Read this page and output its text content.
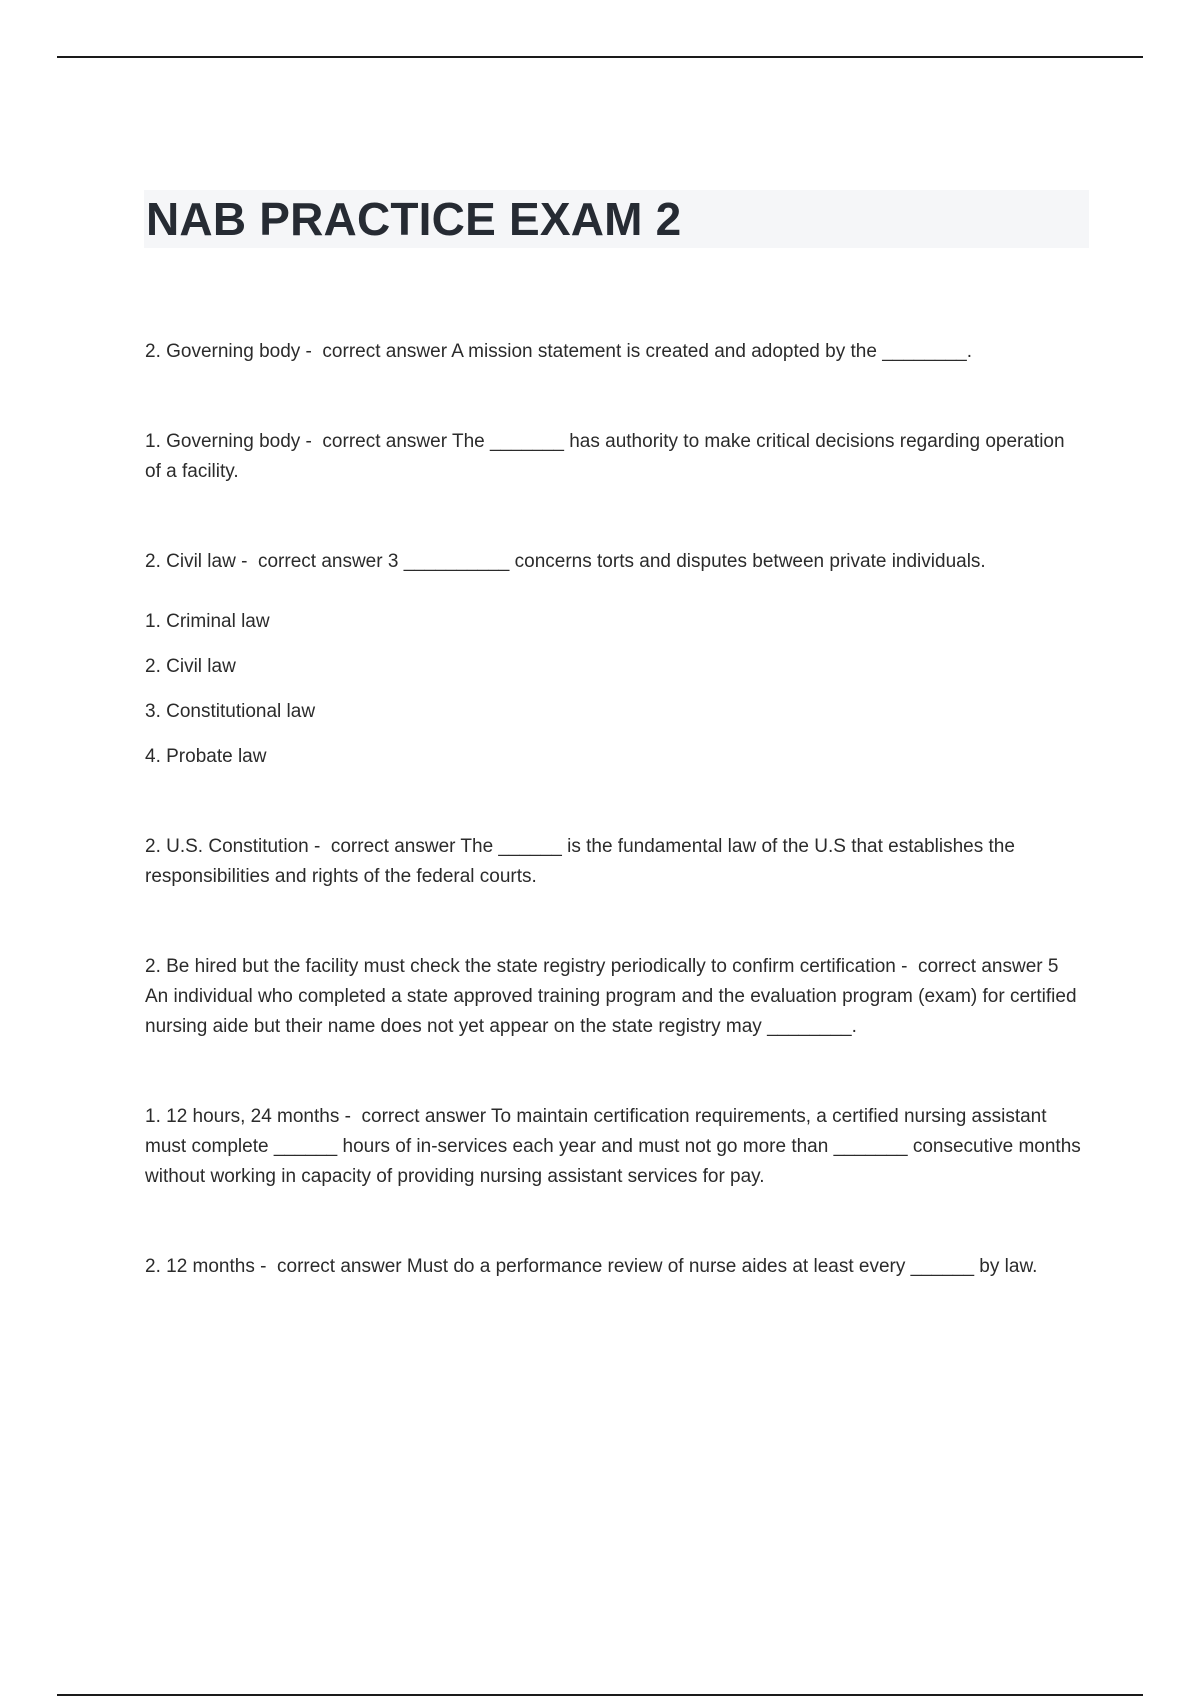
NAB PRACTICE EXAM 2

2. Governing body -  correct answer A mission statement is created and adopted by the ________.

1. Governing body -  correct answer The _______ has authority to make critical decisions regarding operation of a facility.

2. Civil law -  correct answer 3 __________ concerns torts and disputes between private individuals.

1. Criminal law
2. Civil law
3. Constitutional law
4. Probate law

2. U.S. Constitution -  correct answer The ______ is the fundamental law of the U.S that establishes the responsibilities and rights of the federal courts.

2. Be hired but the facility must check the state registry periodically to confirm certification -  correct answer 5 An individual who completed a state approved training program and the evaluation program (exam) for certified nursing aide but their name does not yet appear on the state registry may ________.

1. 12 hours, 24 months -  correct answer To maintain certification requirements, a certified nursing assistant must complete ______ hours of in-services each year and must not go more than _______ consecutive months without working in capacity of providing nursing assistant services for pay.

2. 12 months -  correct answer Must do a performance review of nurse aides at least every ______ by law.
